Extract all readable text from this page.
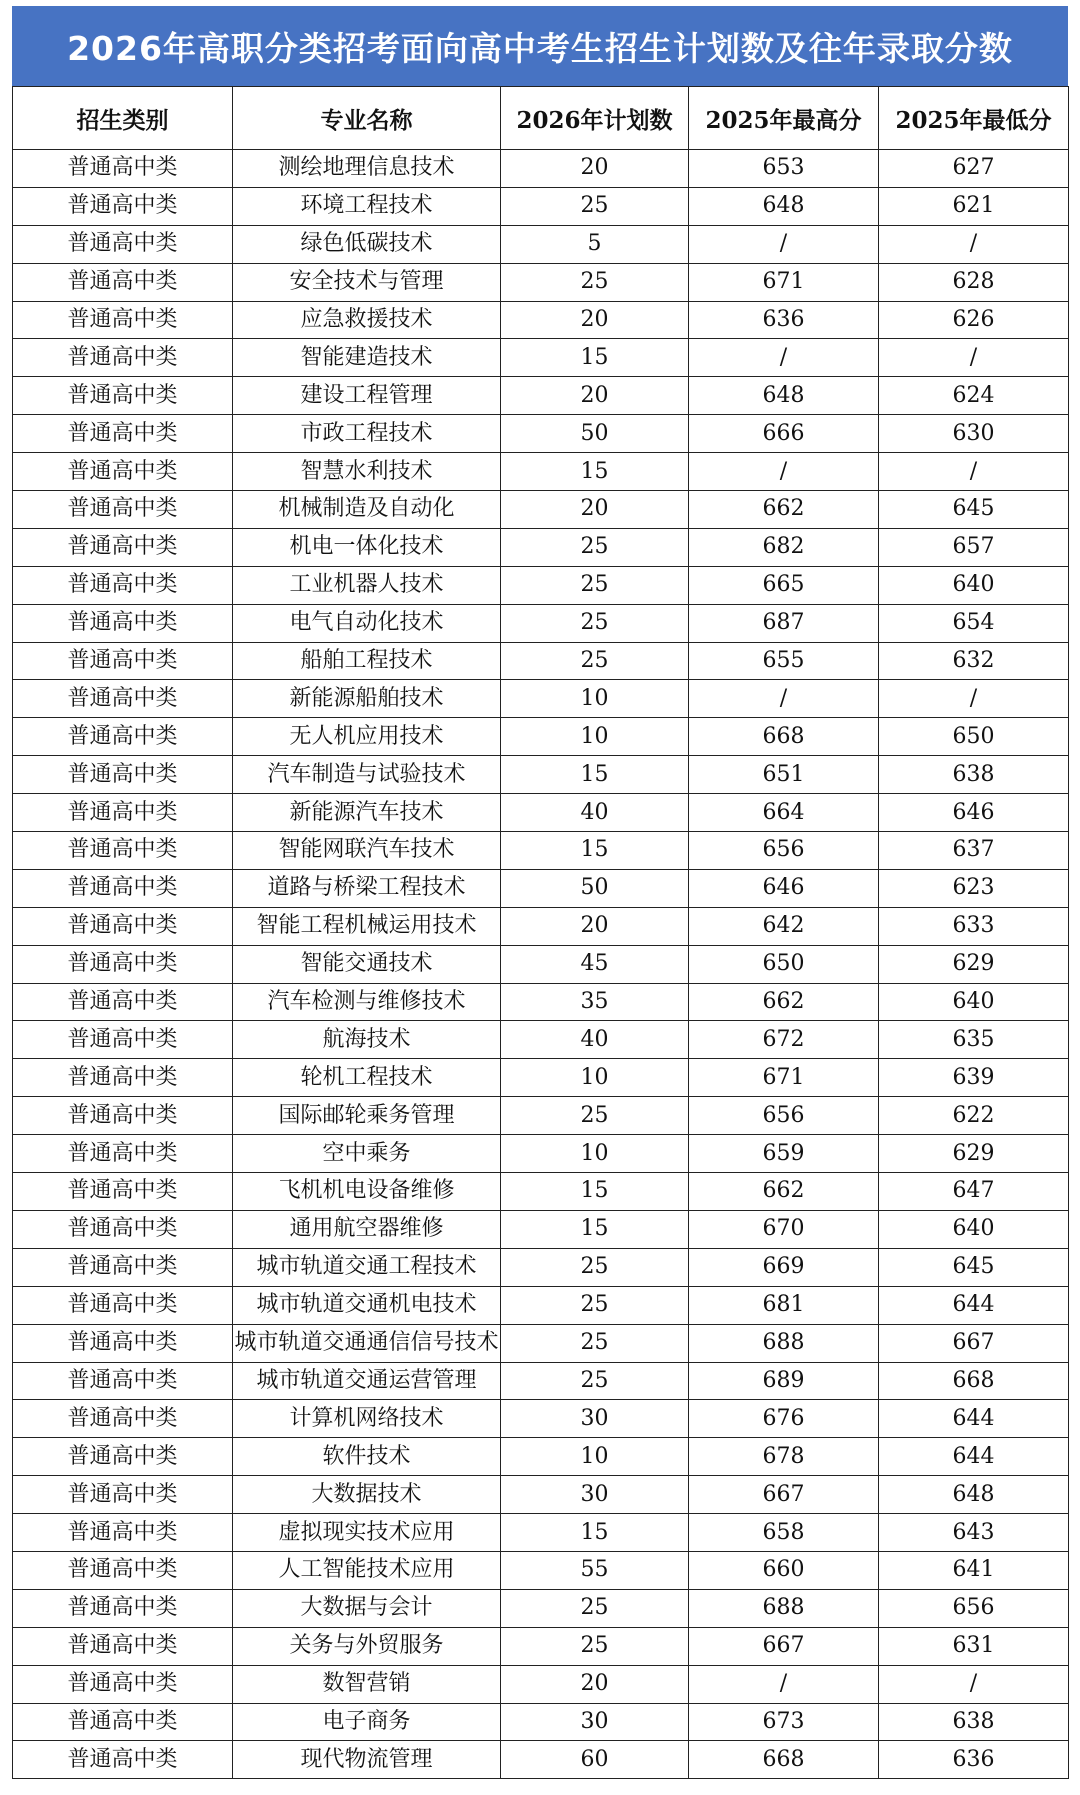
2026年高职分类招考面向高中考生招生计划数及往年录取分数
招生类别	专业名称	2026年计划数	2025年最高分	2025年最低分
普通高中类	测绘地理信息技术	20	653	627
普通高中类	环境工程技术	25	648	621
普通高中类	绿色低碳技术	5	/	/
普通高中类	安全技术与管理	25	671	628
普通高中类	应急救援技术	20	636	626
普通高中类	智能建造技术	15	/	/
普通高中类	建设工程管理	20	648	624
普通高中类	市政工程技术	50	666	630
普通高中类	智慧水利技术	15	/	/
普通高中类	机械制造及自动化	20	662	645
普通高中类	机电一体化技术	25	682	657
普通高中类	工业机器人技术	25	665	640
普通高中类	电气自动化技术	25	687	654
普通高中类	船舶工程技术	25	655	632
普通高中类	新能源船舶技术	10	/	/
普通高中类	无人机应用技术	10	668	650
普通高中类	汽车制造与试验技术	15	651	638
普通高中类	新能源汽车技术	40	664	646
普通高中类	智能网联汽车技术	15	656	637
普通高中类	道路与桥梁工程技术	50	646	623
普通高中类	智能工程机械运用技术	20	642	633
普通高中类	智能交通技术	45	650	629
普通高中类	汽车检测与维修技术	35	662	640
普通高中类	航海技术	40	672	635
普通高中类	轮机工程技术	10	671	639
普通高中类	国际邮轮乘务管理	25	656	622
普通高中类	空中乘务	10	659	629
普通高中类	飞机机电设备维修	15	662	647
普通高中类	通用航空器维修	15	670	640
普通高中类	城市轨道交通工程技术	25	669	645
普通高中类	城市轨道交通机电技术	25	681	644
普通高中类	城市轨道交通通信信号技术	25	688	667
普通高中类	城市轨道交通运营管理	25	689	668
普通高中类	计算机网络技术	30	676	644
普通高中类	软件技术	10	678	644
普通高中类	大数据技术	30	667	648
普通高中类	虚拟现实技术应用	15	658	643
普通高中类	人工智能技术应用	55	660	641
普通高中类	大数据与会计	25	688	656
普通高中类	关务与外贸服务	25	667	631
普通高中类	数智营销	20	/	/
普通高中类	电子商务	30	673	638
普通高中类	现代物流管理	60	668	636
